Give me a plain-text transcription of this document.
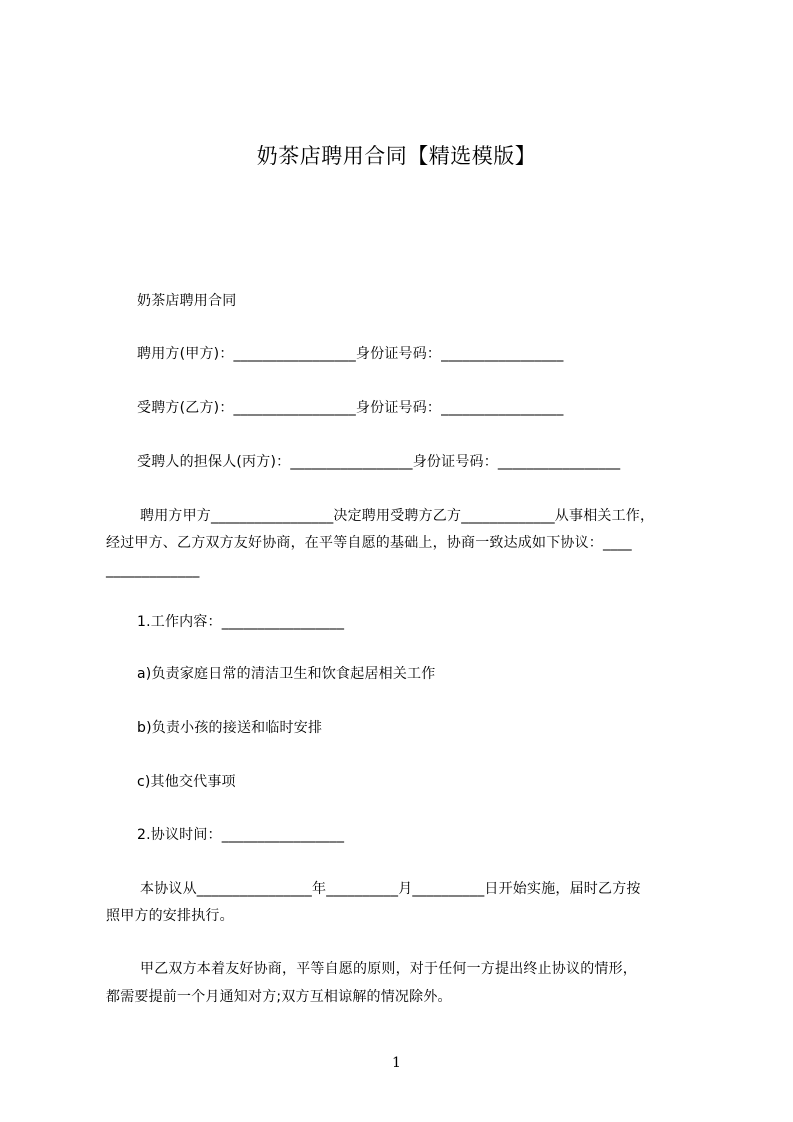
奶茶店聘用合同【精选模版】
奶茶店聘用合同
聘用方(甲方)：_________________身份证号码：_________________
受聘方(乙方)：_________________身份证号码：_________________
受聘人的担保人(丙方)：_________________身份证号码：_________________
聘用方甲方_________________决定聘用受聘方乙方_____________从事相关工作，
经过甲方、乙方双方友好协商，在平等自愿的基础上，协商一致达成如下协议：____
_____________
1.工作内容：_________________
a)负责家庭日常的清洁卫生和饮食起居相关工作
b)负责小孩的接送和临时安排
c)其他交代事项
2.协议时间：_________________
本协议从________________年__________月__________日开始实施，届时乙方按
照甲方的安排执行。
甲乙双方本着友好协商，平等自愿的原则，对于任何一方提出终止协议的情形，
都需要提前一个月通知对方;双方互相谅解的情况除外。
1
